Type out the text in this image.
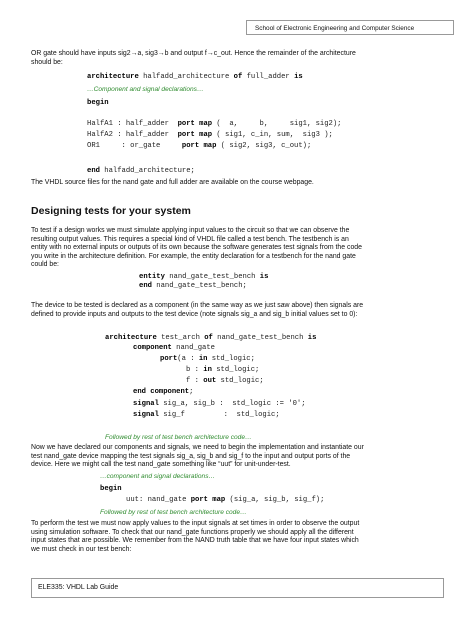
School of Electronic Engineering and Computer Science
OR gate should have inputs sig2→a, sig3→b and output f→c_out. Hence the remainder of the architecture
should be:
architecture halfadd_architecture of full_adder is
…Component and signal declarations…
begin
HalfA1 : half_adder  port map (  a,     b,     sig1, sig2);
HalfA2 : half_adder  port map ( sig1, c_in, sum,  sig3 );
OR1     : or_gate     port map ( sig2, sig3, c_out);
end halfadd_architecture;
The VHDL source files for the nand gate and full adder are available on the course webpage.
Designing tests for your system
To test if a design works we must simulate applying input values to the circuit so that we can observe the
resulting output values. This requires a special kind of VHDL file called a test bench. The testbench is an
entity with no external inputs or outputs of its own because the software generates test signals from the code
you write in the architecture definition. For example, the entity declaration for a testbench for the nand gate
could be:
entity nand_gate_test_bench is
end nand_gate_test_bench;
The device to be tested is declared as a component (in the same way as we just saw above) then signals are
defined to provide inputs and outputs to the test device (note signals sig_a and sig_b initial values set to 0):
architecture test_arch of nand_gate_test_bench is
component nand_gate
port(a : in std_logic;
b : in std_logic;
f : out std_logic;
end component;
signal sig_a, sig_b :  std_logic := '0';
signal sig_f         :  std_logic;
Followed by rest of test bench architecture code…
Now we have declared our components and signals, we need to begin the implementation and instantiate our
test nand_gate device mapping the test signals sig_a, sig_b and sig_f to the input and output ports of the
device. Here we might call the test nand_gate something like “uut” for unit-under-test.
…component and signal declarations…
begin
uut: nand_gate port map (sig_a, sig_b, sig_f);
Followed by rest of test bench architecture code…
To perform the test we must now apply values to the input signals at set times in order to observe the output
using simulation software. To check that our nand_gate functions properly we should apply all the different
input states that are possible. We remember from the NAND truth table that we have four input states which
we must check in our test bench:
ELE335: VHDL Lab Guide
